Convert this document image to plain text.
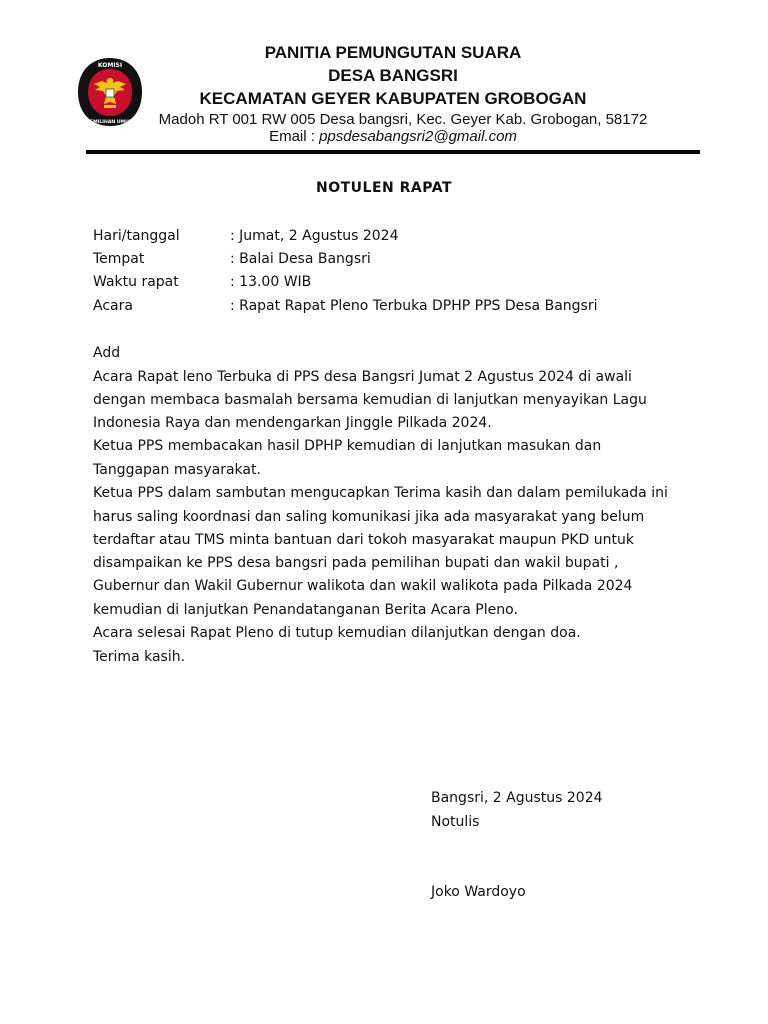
KOMISI
PEMILIHAN UMUM
PANITIA PEMUNGUTAN SUARA
DESA BANGSRI
KECAMATAN GEYER KABUPATEN GROBOGAN
Madoh RT 001 RW 005 Desa bangsri, Kec. Geyer Kab. Grobogan, 58172
Email : ppsdesabangsri2@gmail.com
NOTULEN RAPAT
Hari/tanggal	: Jumat, 2 Agustus 2024
Tempat	: Balai Desa Bangsri
Waktu rapat	: 13.00 WIB
Acara	: Rapat Rapat Pleno Terbuka DPHP PPS Desa Bangsri
Add
Acara Rapat leno Terbuka di PPS desa Bangsri Jumat 2 Agustus 2024 di awali
dengan membaca basmalah bersama kemudian di lanjutkan menyayikan Lagu
Indonesia Raya dan mendengarkan Jinggle Pilkada 2024.
Ketua PPS membacakan hasil DPHP kemudian di lanjutkan masukan dan
Tanggapan masyarakat.
Ketua PPS dalam sambutan mengucapkan Terima kasih dan dalam pemilukada ini
harus saling koordnasi dan saling komunikasi jika ada masyarakat yang belum
terdaftar atau TMS minta bantuan dari tokoh masyarakat maupun PKD untuk
disampaikan ke PPS desa bangsri pada pemilihan bupati dan wakil bupati ,
Gubernur dan Wakil Gubernur walikota dan wakil walikota pada Pilkada 2024
kemudian di lanjutkan Penandatanganan Berita Acara Pleno.
Acara selesai Rapat Pleno di tutup kemudian dilanjutkan dengan doa.
Terima kasih.
Bangsri, 2 Agustus 2024
Notulis
Joko Wardoyo
